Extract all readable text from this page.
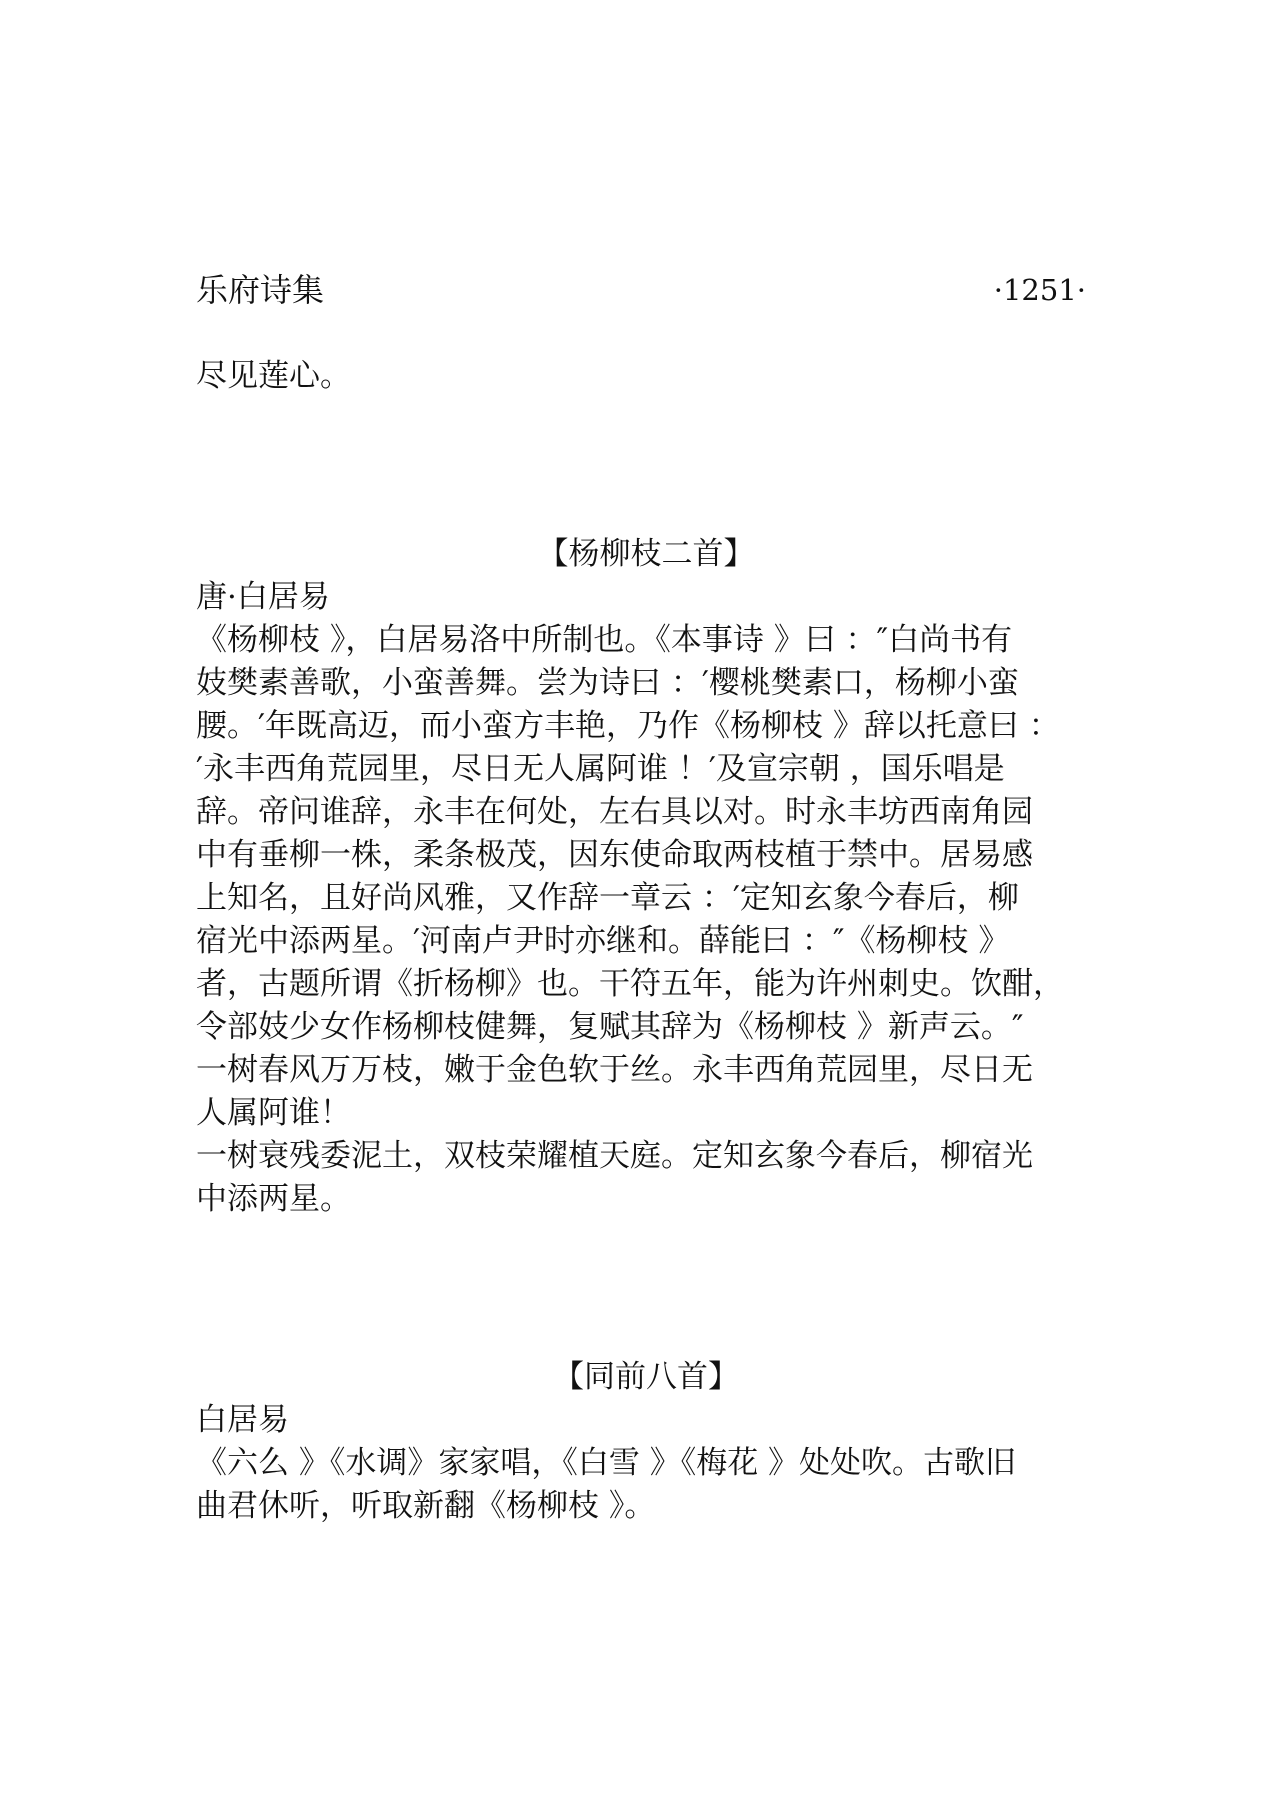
乐府诗集	·1251·
尽见莲心。
【杨柳枝二首】
唐·白居易
《杨柳枝 》，白居易洛中所制也。《本事诗 》曰 ：″白尚书有
妓樊素善歌，小蛮善舞。尝为诗曰 ：′樱桃樊素口，杨柳小蛮
腰。′年既高迈，而小蛮方丰艳，乃作《杨柳枝 》辞以托意曰 ：
′永丰西角荒园里，尽日无人属阿谁 ！′及宣宗朝 ，国乐唱是
辞。帝问谁辞，永丰在何处，左右具以对。时永丰坊西南角园
中有垂柳一株，柔条极茂，因东使命取两枝植于禁中。居易感
上知名，且好尚风雅，又作辞一章云 ：′定知玄象今春后，柳
宿光中添两星。′河南卢尹时亦继和。薛能曰 ：″《杨柳枝 》
者，古题所谓《折杨柳》也。干符五年，能为许州刺史。饮酣，
令部妓少女作杨柳枝健舞，复赋其辞为《杨柳枝 》新声云。″
一树春风万万枝，嫩于金色软于丝。永丰西角荒园里，尽日无
人属阿谁！
一树衰残委泥土，双枝荣耀植天庭。定知玄象今春后，柳宿光
中添两星。
【同前八首】
白居易
《六么 》《水调》家家唱，《白雪 》《梅花 》处处吹。古歌旧
曲君休听，听取新翻《杨柳枝 》。
